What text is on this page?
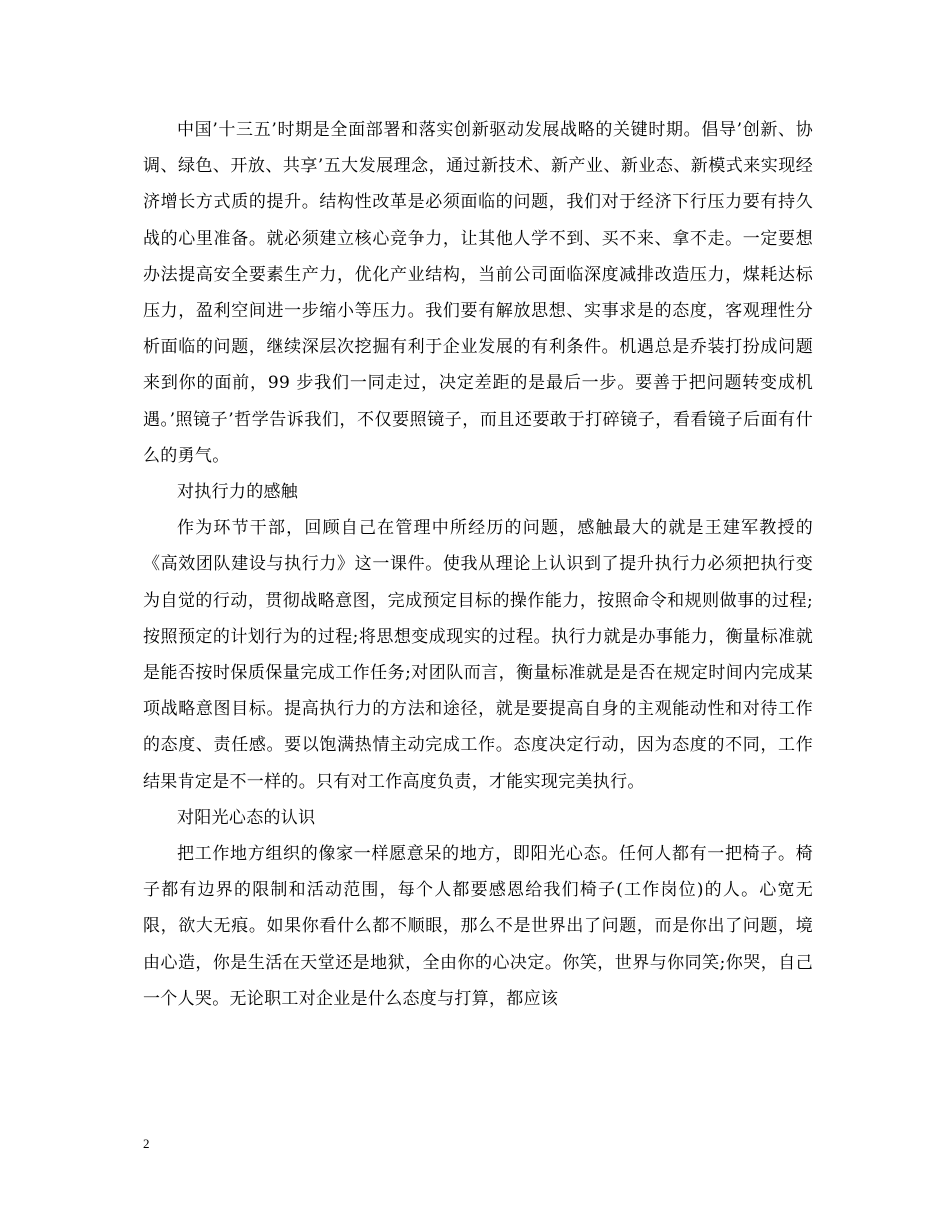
中国’十三五’时期是全面部署和落实创新驱动发展战略的关键时期。倡导’创新、协调、绿色、开放、共享’五大发展理念，通过新技术、新产业、新业态、新模式来实现经济增长方式质的提升。结构性改革是必须面临的问题，我们对于经济下行压力要有持久战的心里准备。就必须建立核心竞争力，让其他人学不到、买不来、拿不走。一定要想办法提高安全要素生产力，优化产业结构，当前公司面临深度减排改造压力，煤耗达标压力，盈利空间进一步缩小等压力。我们要有解放思想、实事求是的态度，客观理性分析面临的问题，继续深层次挖掘有利于企业发展的有利条件。机遇总是乔装打扮成问题来到你的面前，99 步我们一同走过，决定差距的是最后一步。要善于把问题转变成机遇。’照镜子’哲学告诉我们，不仅要照镜子，而且还要敢于打碎镜子，看看镜子后面有什么的勇气。

对执行力的感触

作为环节干部，回顾自己在管理中所经历的问题，感触最大的就是王建军教授的《高效团队建设与执行力》这一课件。使我从理论上认识到了提升执行力必须把执行变为自觉的行动，贯彻战略意图，完成预定目标的操作能力，按照命令和规则做事的过程;按照预定的计划行为的过程;将思想变成现实的过程。执行力就是办事能力，衡量标准就是能否按时保质保量完成工作任务;对团队而言，衡量标准就是是否在规定时间内完成某项战略意图目标。提高执行力的方法和途径，就是要提高自身的主观能动性和对待工作的态度、责任感。要以饱满热情主动完成工作。态度决定行动，因为态度的不同，工作结果肯定是不一样的。只有对工作高度负责，才能实现完美执行。

对阳光心态的认识

把工作地方组织的像家一样愿意呆的地方，即阳光心态。任何人都有一把椅子。椅子都有边界的限制和活动范围，每个人都要感恩给我们椅子(工作岗位)的人。心宽无限，欲大无痕。如果你看什么都不顺眼，那么不是世界出了问题，而是你出了问题，境由心造，你是生活在天堂还是地狱，全由你的心决定。你笑，世界与你同笑;你哭，自己一个人哭。无论职工对企业是什么态度与打算，都应该

2
